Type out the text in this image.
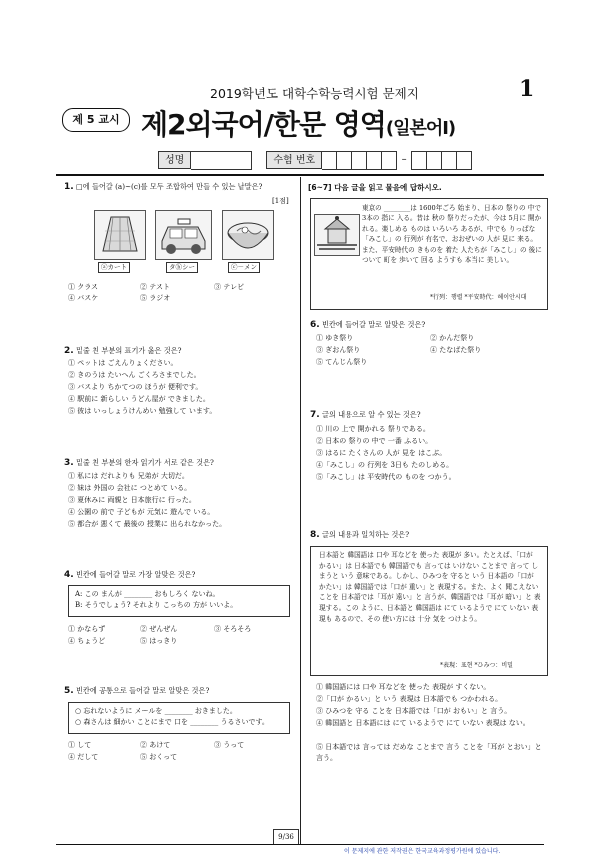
2019학년도 대학수학능력시험 문제지	1
제 5 교시 제2외국어/한문 영역(일본어Ⅰ)
성명	수험 번호	–
1. □에 들어갈 (a)~(c)를 모두 조합하여 만들 수 있는 낱말은?
[1점]
ⓐカート	タⓑシー	ⓒ－メン
① クラス	② テスト	③ テレビ
④ バスケ	⑤ ラジオ
2. 밑줄 친 부분의 표기가 옳은 것은?
① ペットは ごえんりょください。
② きのうは たいへん ごくろさまでした。
③ バスより ちかてつの ほうが 便利です。
④ 駅前に 新らしい うどん屋が できました。
⑤ 彼は いっしょうけんめい 勉強して います。
3. 밑줄 친 부분의 한자 읽기가 서로 같은 것은?
① 私には だれよりも 兄弟が 大切だ。
② 妹は 外国の 会社に つとめて いる。
③ 夏休みに 両親と 日本旅行に 行った。
④ 公園の 前で 子どもが 元気に 遊んで いる。
⑤ 都合が 悪くて 最後の 授業に 出られなかった。
4. 빈칸에 들어갈 말로 가장 알맞은 것은?
A: この まんが ________ おもしろく ないね。
B: そうでしょう? それより こっちの 方が いいよ。
① かならず	② ぜんぜん	③ そろそろ
④ ちょうど	⑤ はっきり
5. 빈칸에 공통으로 들어갈 말로 알맞은 것은?
○ 忘れないように メールを ________ おきました。
○ 森さんは 細かい ことにまで 口を ________ うるさいです。
① して	② あけて	③ うって
④ だして	⑤ おくって
[6~7] 다음 글을 읽고 물음에 답하시오.
東京の ________は 1600年ごろ 始まり、日本の 祭りの 中で 3本の 指に 入る。昔は 秋の 祭りだったが、今は 5月に 開かれる。楽しめる ものは いろいろ あるが、中でも りっぱな「みこし」の 行列が 有名で、おおぜいの 人が 見に 来る。また、平安時代の きものを 着た 人たちが「みこし」の 後に ついて 町を 歩いて 回る ようすも 本当に 美しい。
*行列：행렬 *平安時代：헤이안시대
6. 빈칸에 들어갈 말로 알맞은 것은?
① ゆき祭り	② かんだ祭り
③ ぎおん祭り	④ たなばた祭り
⑤ てんじん祭り
7. 글의 내용으로 알 수 있는 것은?
① 川の 上で 開かれる 祭りである。
② 日本の 祭りの 中で 一番 ふるい。
③ はるに たくさんの 人が 見を はこぶ。
④「みこし」の 行列を 3日も たのしめる。
⑤「みこし」は 平安時代の ものを つかう。
8. 글의 내용과 일치하는 것은?
日本語と 韓国語は 口や 耳などを 使った 表現が 多い。たとえば、「口が かるい」は 日本語でも 韓国語でも 言っては いけない ことまで 言って しまうと いう 意味である。しかし、ひみつを 守ると いう 日本語の「口が かたい」は 韓国語では「口が 重い」と 表現する。また、よく 聞こえない ことを 日本語では「耳が 遠い」と 言うが、韓国語では「耳が 暗い」と 表現する。この ように、日本語と 韓国語は にて いるようで にて いない 表現も あるので、その 使い方には 十分 気を つけよう。
*表現：표현 *ひみつ：비밀
① 韓国語には 口や 耳などを 使った 表現が すくない。
②「口が かるい」と いう 表現は 日本語でも つかわれる。
③ ひみつを 守る ことを 日本語では「口が おもい」と 言う。
④ 韓国語と 日本語には にて いるようで にて いない 表現は ない。
⑤ 日本語では 言っては だめな ことまで 言う ことを「耳が とおい」と 言う。
9/36
이 문제지에 관한 저작권은 한국교육과정평가원에 있습니다.
